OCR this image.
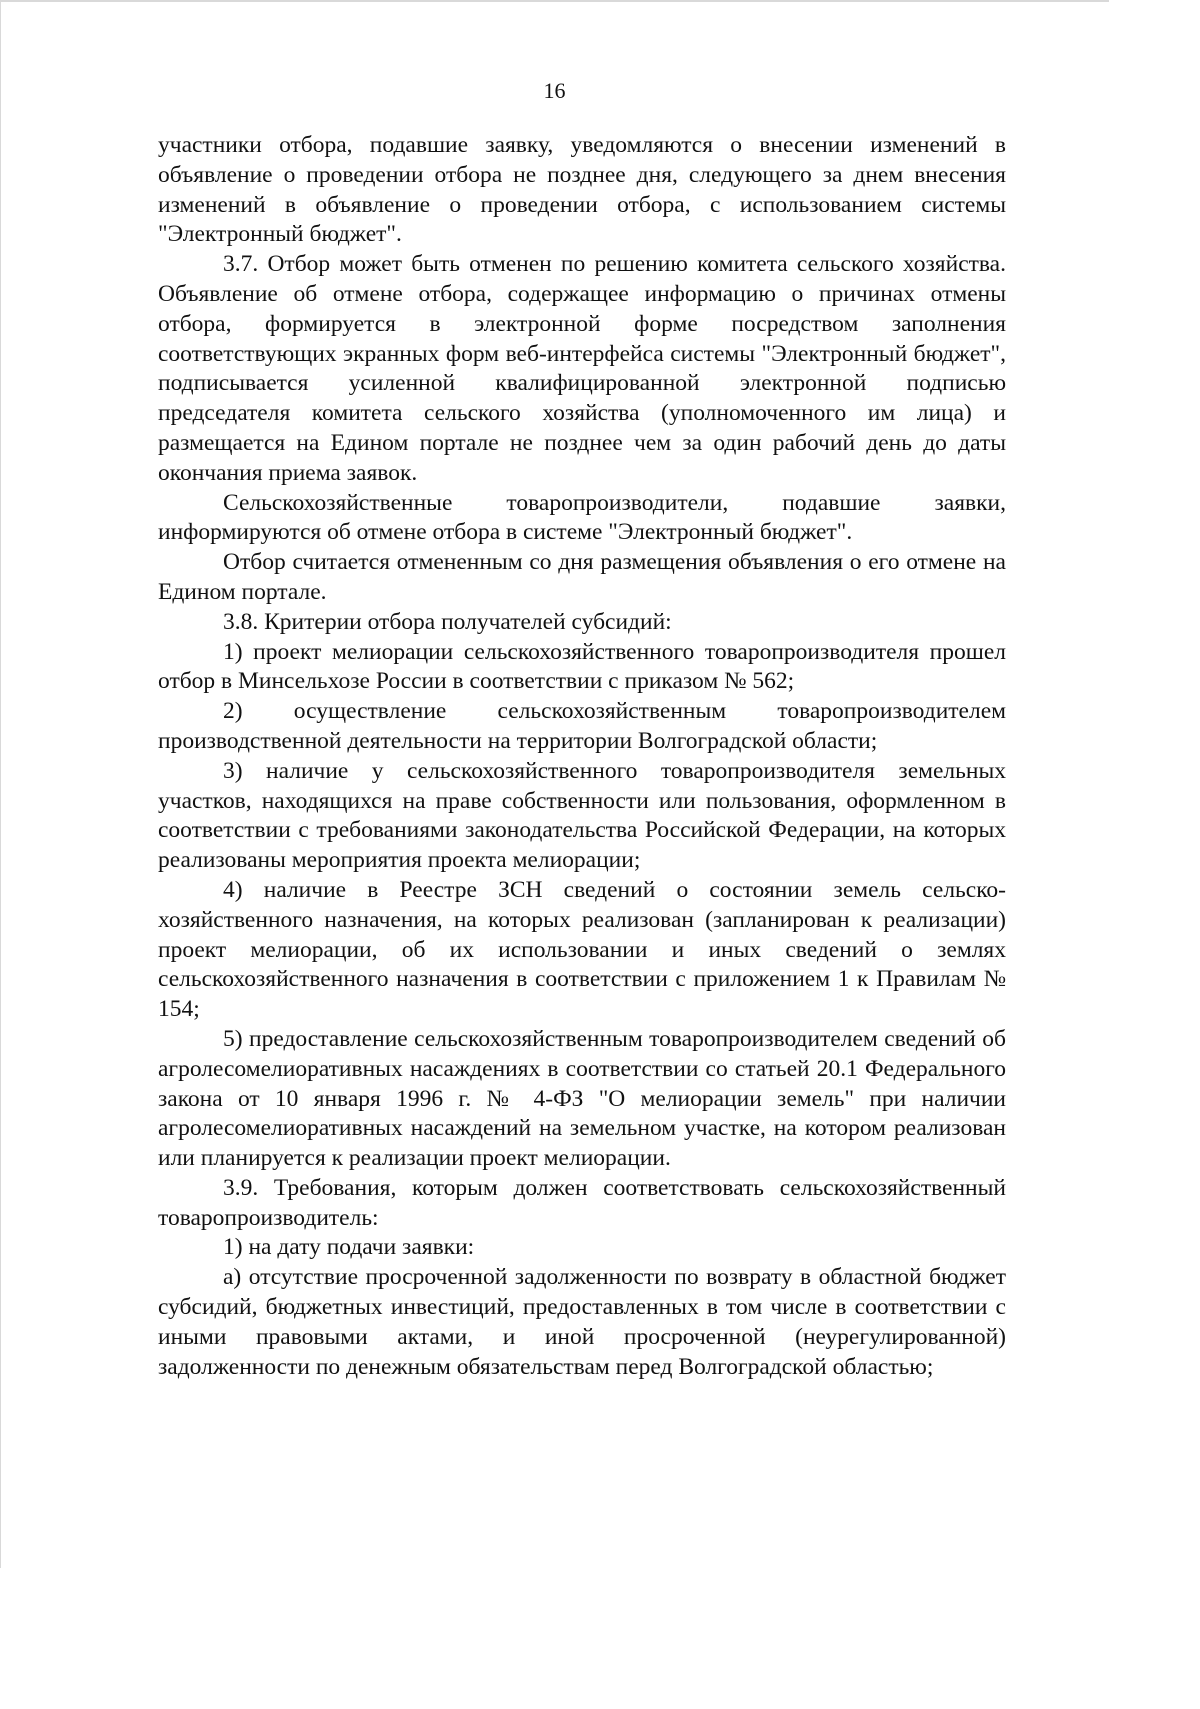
16

участники отбора, подавшие заявку, уведомляются о внесении изменений в объявление о проведении отбора не позднее дня, следующего за днем внесения изменений в объявление о проведении отбора, с использованием системы "Электронный бюджет".

3.7. Отбор может быть отменен по решению комитета сельского хозяйства. Объявление об отмене отбора, содержащее информацию о причинах отмены отбора, формируется в электронной форме посредством заполнения соответствующих экранных форм веб-интерфейса системы "Электронный бюджет", подписывается усиленной квалифицированной электронной подписью председателя комитета сельского хозяйства (уполномоченного им лица) и размещается на Едином портале не позднее чем за один рабочий день до даты окончания приема заявок.

Сельскохозяйственные товаропроизводители, подавшие заявки, информируются об отмене отбора в системе "Электронный бюджет".

Отбор считается отмененным со дня размещения объявления о его отмене на Едином портале.

3.8. Критерии отбора получателей субсидий:

1) проект мелиорации сельскохозяйственного товаропроизводителя прошел отбор в Минсельхозе России в соответствии с приказом № 562;

2) осуществление сельскохозяйственным товаропроизводителем производственной деятельности на территории Волгоградской области;

3) наличие у сельскохозяйственного товаропроизводителя земельных участков, находящихся на праве собственности или пользования, оформленном в соответствии с требованиями законодательства Российской Федерации, на которых реализованы мероприятия проекта мелиорации;

4) наличие в Реестре ЗСН сведений о состоянии земель сельскохозяйственного назначения, на которых реализован (запланирован к реализации) проект мелиорации, об их использовании и иных сведений о землях сельскохозяйственного назначения в соответствии с приложением 1 к Правилам № 154;

5) предоставление сельскохозяйственным товаропроизводителем сведений об агролесомелиоративных насаждениях в соответствии со статьей 20.1 Федерального закона от 10 января 1996 г. № 4-ФЗ "О мелиорации земель" при наличии агролесомелиоративных насаждений на земельном участке, на котором реализован или планируется к реализации проект мелиорации.

3.9. Требования, которым должен соответствовать сельскохозяйственный товаропроизводитель:

1) на дату подачи заявки:

а) отсутствие просроченной задолженности по возврату в областной бюджет субсидий, бюджетных инвестиций, предоставленных в том числе в соответствии с иными правовыми актами, и иной просроченной (неурегулированной) задолженности по денежным обязательствам перед Волгоградской областью;
